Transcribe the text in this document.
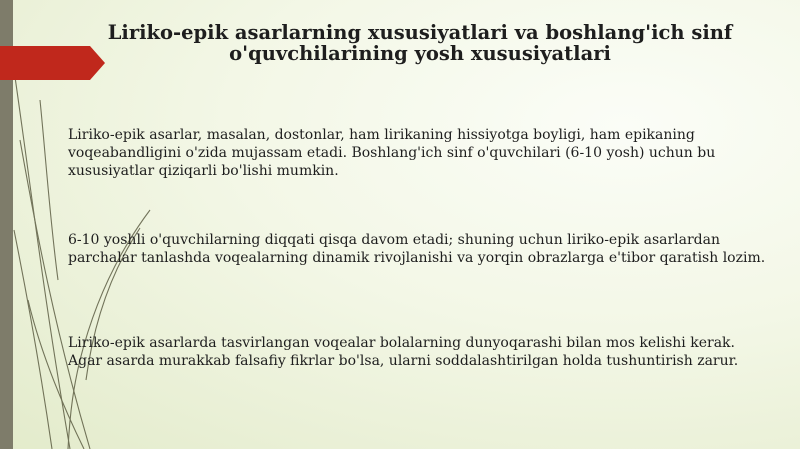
Liriko-epik asarlarning xususiyatlari va boshlang'ich sinf o'quvchilarining yosh xususiyatlari

Liriko-epik asarlar, masalan, dostonlar, ham lirikaning hissiyotga boyligi, ham epikaning voqeabandligini o'zida mujassam etadi. Boshlang'ich sinf o'quvchilari (6-10 yosh) uchun bu xususiyatlar qiziqarli bo'lishi mumkin.

6-10 yoshli o'quvchilarning diqqati qisqa davom etadi; shuning uchun liriko-epik asarlardan parchalar tanlashda voqealarning dinamik rivojlanishi va yorqin obrazlarga e'tibor qaratish lozim.

Liriko-epik asarlarda tasvirlangan voqealar bolalarning dunyoqarashi bilan mos kelishi kerak. Agar asarda murakkab falsafiy fikrlar bo'lsa, ularni soddalashtirilgan holda tushuntirish zarur.
